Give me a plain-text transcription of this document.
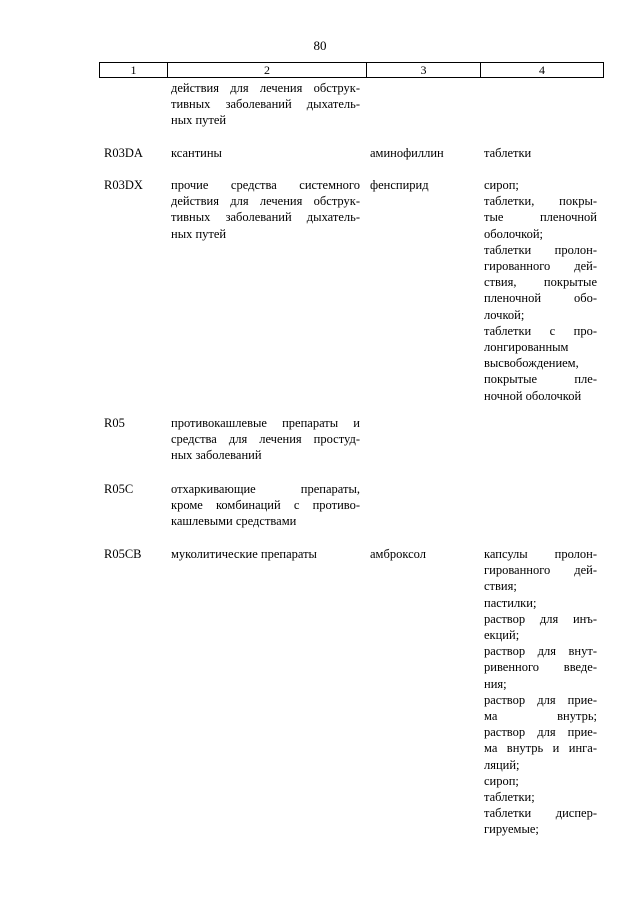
80
1	2	3	4
действия для лечения обструк-
тивных заболеваний дыхатель-
ных путей
R03DA	ксантины	аминофиллин	таблетки
R03DX	прочие средства системного
действия для лечения обструк-
тивных заболеваний дыхатель-
ных путей
фенспирид	сироп;
таблетки, покры-
тые пленочной
оболочкой;
таблетки пролон-
гированного дей-
ствия, покрытые
пленочной обо-
лочкой;
таблетки с про-
лонгированным
высвобождением,
покрытые пле-
ночной оболочкой
R05	противокашлевые препараты и
средства для лечения простуд-
ных заболеваний
R05C	отхаркивающие препараты,
кроме комбинаций с противо-
кашлевыми средствами
R05CB	муколитические препараты	амброксол	капсулы пролон-
гированного дей-
ствия;
пастилки;
раствор для инъ-
екций;
раствор для внут-
ривенного введе-
ния;
раствор для прие-
ма внутрь;
раствор для прие-
ма внутрь и инга-
ляций;
сироп;
таблетки;
таблетки диспер-
гируемые;
